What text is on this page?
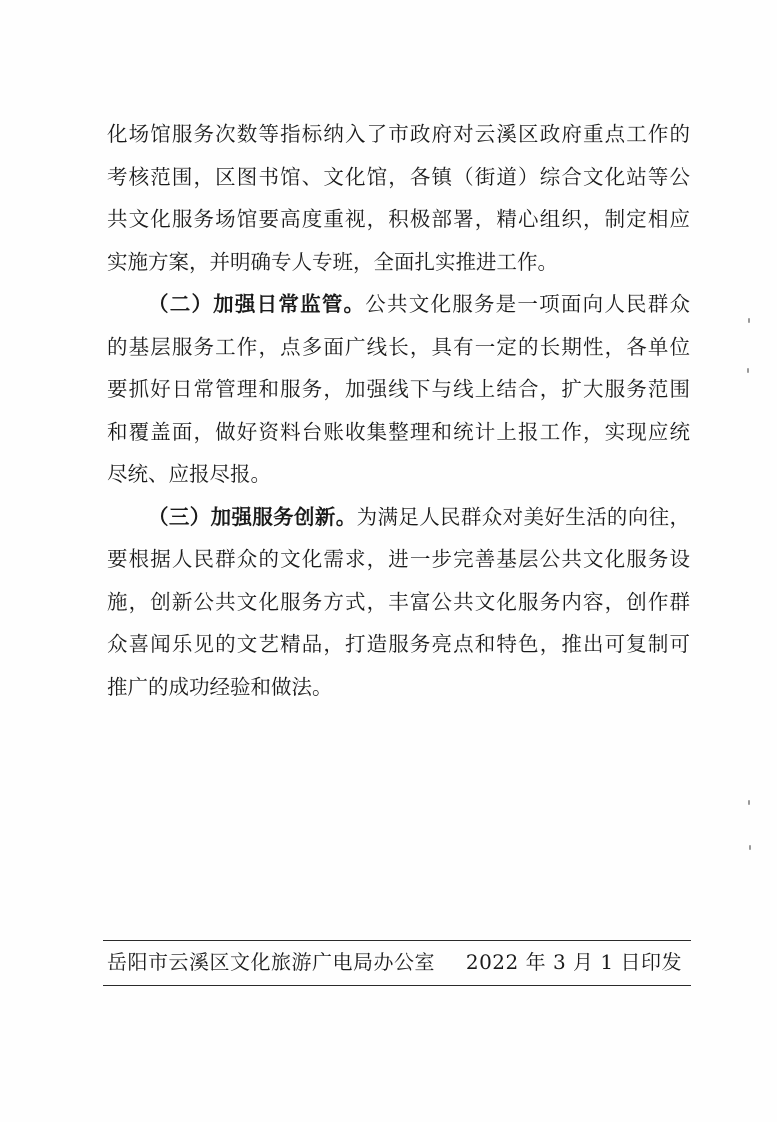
化场馆服务次数等指标纳入了市政府对云溪区政府重点工作的
考核范围，区图书馆、文化馆，各镇（街道）综合文化站等公
共文化服务场馆要高度重视，积极部署，精心组织，制定相应
实施方案，并明确专人专班，全面扎实推进工作。
（二）加强日常监管。公共文化服务是一项面向人民群众
的基层服务工作，点多面广线长，具有一定的长期性，各单位
要抓好日常管理和服务，加强线下与线上结合，扩大服务范围
和覆盖面，做好资料台账收集整理和统计上报工作，实现应统
尽统、应报尽报。
（三）加强服务创新。为满足人民群众对美好生活的向往，
要根据人民群众的文化需求，进一步完善基层公共文化服务设
施，创新公共文化服务方式，丰富公共文化服务内容，创作群
众喜闻乐见的文艺精品，打造服务亮点和特色，推出可复制可
推广的成功经验和做法。
岳阳市云溪区文化旅游广电局办公室 2022 年 3 月 1 日印发
